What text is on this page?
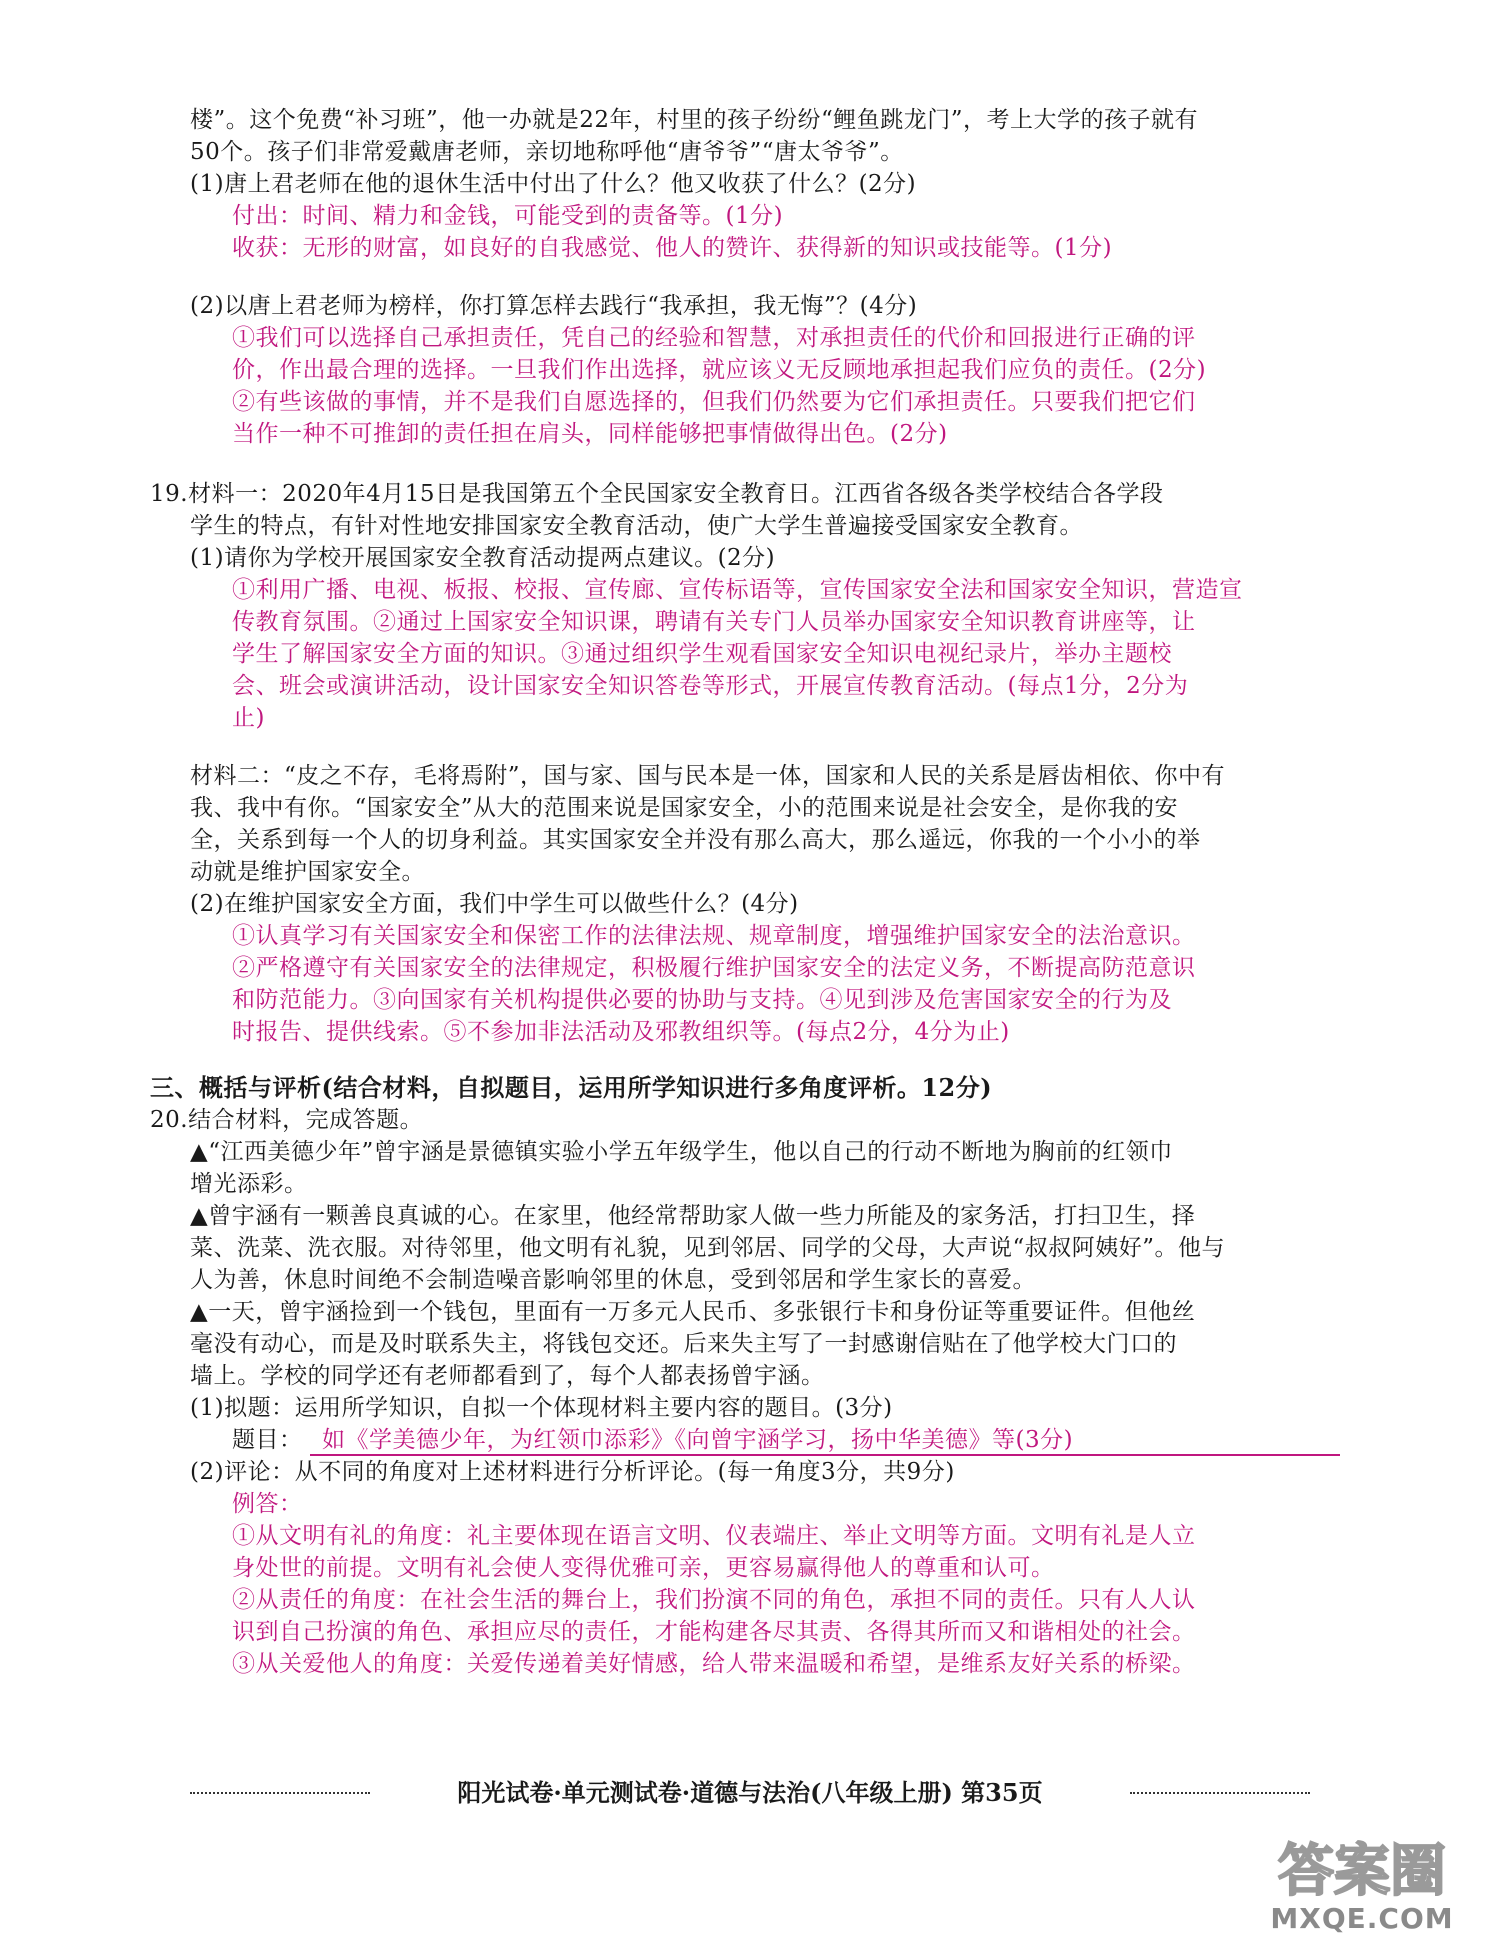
楼”。这个免费“补习班”，他一办就是22年，村里的孩子纷纷“鲤鱼跳龙门”，考上大学的孩子就有
50个。孩子们非常爱戴唐老师，亲切地称呼他“唐爷爷”“唐太爷爷”。
(1)唐上君老师在他的退休生活中付出了什么？他又收获了什么？(2分)
付出：时间、精力和金钱，可能受到的责备等。(1分)
收获：无形的财富，如良好的自我感觉、他人的赞许、获得新的知识或技能等。(1分)
(2)以唐上君老师为榜样，你打算怎样去践行“我承担，我无悔”？(4分)
①我们可以选择自己承担责任，凭自己的经验和智慧，对承担责任的代价和回报进行正确的评
价，作出最合理的选择。一旦我们作出选择，就应该义无反顾地承担起我们应负的责任。(2分)
②有些该做的事情，并不是我们自愿选择的，但我们仍然要为它们承担责任。只要我们把它们
当作一种不可推卸的责任担在肩头，同样能够把事情做得出色。(2分)
19.材料一：2020年4月15日是我国第五个全民国家安全教育日。江西省各级各类学校结合各学段
学生的特点，有针对性地安排国家安全教育活动，使广大学生普遍接受国家安全教育。
(1)请你为学校开展国家安全教育活动提两点建议。(2分)
①利用广播、电视、板报、校报、宣传廊、宣传标语等，宣传国家安全法和国家安全知识，营造宣
传教育氛围。②通过上国家安全知识课，聘请有关专门人员举办国家安全知识教育讲座等，让
学生了解国家安全方面的知识。③通过组织学生观看国家安全知识电视纪录片，举办主题校
会、班会或演讲活动，设计国家安全知识答卷等形式，开展宣传教育活动。(每点1分，2分为
止)
材料二：“皮之不存，毛将焉附”，国与家、国与民本是一体，国家和人民的关系是唇齿相依、你中有
我、我中有你。“国家安全”从大的范围来说是国家安全，小的范围来说是社会安全，是你我的安
全，关系到每一个人的切身利益。其实国家安全并没有那么高大，那么遥远，你我的一个小小的举
动就是维护国家安全。
(2)在维护国家安全方面，我们中学生可以做些什么？(4分)
①认真学习有关国家安全和保密工作的法律法规、规章制度，增强维护国家安全的法治意识。
②严格遵守有关国家安全的法律规定，积极履行维护国家安全的法定义务，不断提高防范意识
和防范能力。③向国家有关机构提供必要的协助与支持。④见到涉及危害国家安全的行为及
时报告、提供线索。⑤不参加非法活动及邪教组织等。(每点2分，4分为止)
三、概括与评析(结合材料，自拟题目，运用所学知识进行多角度评析。12分)
20.结合材料，完成答题。
▲“江西美德少年”曾宇涵是景德镇实验小学五年级学生，他以自己的行动不断地为胸前的红领巾
增光添彩。
▲曾宇涵有一颗善良真诚的心。在家里，他经常帮助家人做一些力所能及的家务活，打扫卫生，择
菜、洗菜、洗衣服。对待邻里，他文明有礼貌，见到邻居、同学的父母，大声说“叔叔阿姨好”。他与
人为善，休息时间绝不会制造噪音影响邻里的休息，受到邻居和学生家长的喜爱。
▲一天，曾宇涵捡到一个钱包，里面有一万多元人民币、多张银行卡和身份证等重要证件。但他丝
毫没有动心，而是及时联系失主，将钱包交还。后来失主写了一封感谢信贴在了他学校大门口的
墙上。学校的同学还有老师都看到了，每个人都表扬曾宇涵。
(1)拟题：运用所学知识，自拟一个体现材料主要内容的题目。(3分)
题目： 如《学美德少年，为红领巾添彩》《向曾宇涵学习，扬中华美德》等(3分)
(2)评论：从不同的角度对上述材料进行分析评论。(每一角度3分，共9分)
例答：
①从文明有礼的角度：礼主要体现在语言文明、仪表端庄、举止文明等方面。文明有礼是人立
身处世的前提。文明有礼会使人变得优雅可亲，更容易赢得他人的尊重和认可。
②从责任的角度：在社会生活的舞台上，我们扮演不同的角色，承担不同的责任。只有人人认
识到自己扮演的角色、承担应尽的责任，才能构建各尽其责、各得其所而又和谐相处的社会。
③从关爱他人的角度：关爱传递着美好情感，给人带来温暖和希望，是维系友好关系的桥梁。
阳光试卷·单元测试卷·道德与法治(八年级上册) 第35页
答案圈
MXQE.COM
